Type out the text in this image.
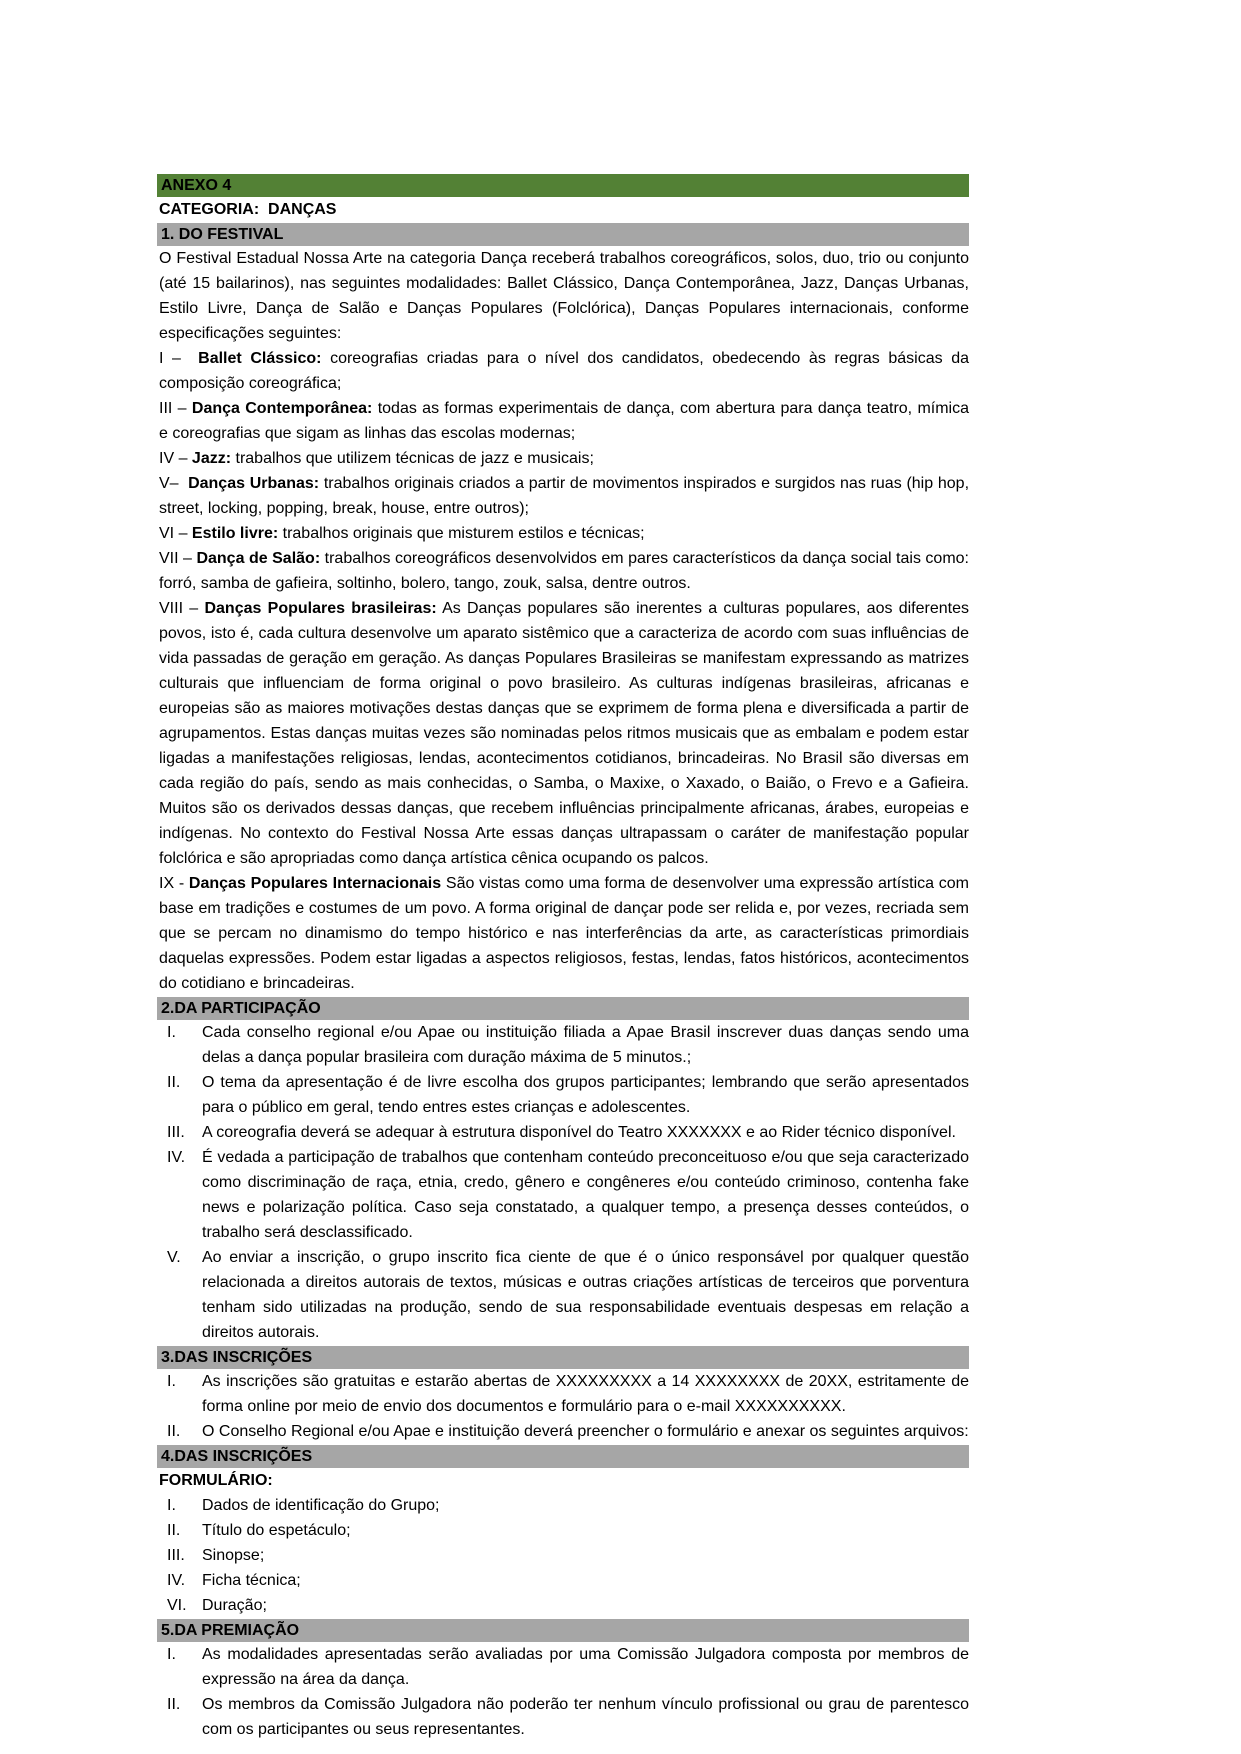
ANEXO 4

CATEGORIA:  DANÇAS

1. DO FESTIVAL

O Festival Estadual Nossa Arte na categoria Dança receberá trabalhos coreográficos, solos, duo, trio ou conjunto (até 15 bailarinos), nas seguintes modalidades: Ballet Clássico, Dança Contemporânea, Jazz, Danças Urbanas, Estilo Livre, Dança de Salão e Danças Populares (Folclórica), Danças Populares internacionais, conforme especificações seguintes:

I – Ballet Clássico: coreografias criadas para o nível dos candidatos, obedecendo às regras básicas da composição coreográfica;

III – Dança Contemporânea: todas as formas experimentais de dança, com abertura para dança teatro, mímica e coreografias que sigam as linhas das escolas modernas;

IV – Jazz: trabalhos que utilizem técnicas de jazz e musicais;

V– Danças Urbanas: trabalhos originais criados a partir de movimentos inspirados e surgidos nas ruas (hip hop, street, locking, popping, break, house, entre outros);

VI – Estilo livre: trabalhos originais que misturem estilos e técnicas;

VII – Dança de Salão: trabalhos coreográficos desenvolvidos em pares característicos da dança social tais como: forró, samba de gafieira, soltinho, bolero, tango, zouk, salsa, dentre outros.

VIII – Danças Populares brasileiras: As Danças populares são inerentes a culturas populares, aos diferentes povos, isto é, cada cultura desenvolve um aparato sistêmico que a caracteriza de acordo com suas influências de vida passadas de geração em geração. As danças Populares Brasileiras se manifestam expressando as matrizes culturais que influenciam de forma original o povo brasileiro. As culturas indígenas brasileiras, africanas e europeias são as maiores motivações destas danças que se exprimem de forma plena e diversificada a partir de agrupamentos. Estas danças muitas vezes são nominadas pelos ritmos musicais que as embalam e podem estar ligadas a manifestações religiosas, lendas, acontecimentos cotidianos, brincadeiras. No Brasil são diversas em cada região do país, sendo as mais conhecidas, o Samba, o Maxixe, o Xaxado, o Baião, o Frevo e a Gafieira. Muitos são os derivados dessas danças, que recebem influências principalmente africanas, árabes, europeias e indígenas. No contexto do Festival Nossa Arte essas danças ultrapassam o caráter de manifestação popular folclórica e são apropriadas como dança artística cênica ocupando os palcos.

IX - Danças Populares Internacionais São vistas como uma forma de desenvolver uma expressão artística com base em tradições e costumes de um povo. A forma original de dançar pode ser relida e, por vezes, recriada sem que se percam no dinamismo do tempo histórico e nas interferências da arte, as características primordiais daquelas expressões. Podem estar ligadas a aspectos religiosos, festas, lendas, fatos históricos, acontecimentos do cotidiano e brincadeiras.

2.DA PARTICIPAÇÃO
I.	Cada conselho regional e/ou Apae ou instituição filiada a Apae Brasil inscrever duas danças sendo uma delas a dança popular brasileira com duração máxima de 5 minutos.;
II.	O tema da apresentação é de livre escolha dos grupos participantes; lembrando que serão apresentados para o público em geral, tendo entres estes crianças e adolescentes.
III.	A coreografia deverá se adequar à estrutura disponível do Teatro XXXXXXX e ao Rider técnico disponível.
IV.	É vedada a participação de trabalhos que contenham conteúdo preconceituoso e/ou que seja caracterizado como discriminação de raça, etnia, credo, gênero e congêneres e/ou conteúdo criminoso, contenha fake news e polarização política. Caso seja constatado, a qualquer tempo, a presença desses conteúdos, o trabalho será desclassificado.
V.	Ao enviar a inscrição, o grupo inscrito fica ciente de que é o único responsável por qualquer questão relacionada a direitos autorais de textos, músicas e outras criações artísticas de terceiros que porventura tenham sido utilizadas na produção, sendo de sua responsabilidade eventuais despesas em relação a direitos autorais.
3.DAS INSCRIÇÕES
I.	As inscrições são gratuitas e estarão abertas de XXXXXXXXX a 14 XXXXXXXX de 20XX, estritamente de forma online por meio de envio dos documentos e formulário para o e-mail XXXXXXXXXX.
II.	O Conselho Regional e/ou Apae e instituição deverá preencher o formulário e anexar os seguintes arquivos:
4.DAS INSCRIÇÕES

FORMULÁRIO:

I.	Dados de identificação do Grupo;
II.	Título do espetáculo;
III.	Sinopse;
IV.	Ficha técnica;
VI. Duração;
5.DA PREMIAÇÃO
I.	As modalidades apresentadas serão avaliadas por uma Comissão Julgadora composta por membros de expressão na área da dança.
II.	Os membros da Comissão Julgadora não poderão ter nenhum vínculo profissional ou grau de parentesco com os participantes ou seus representantes.
